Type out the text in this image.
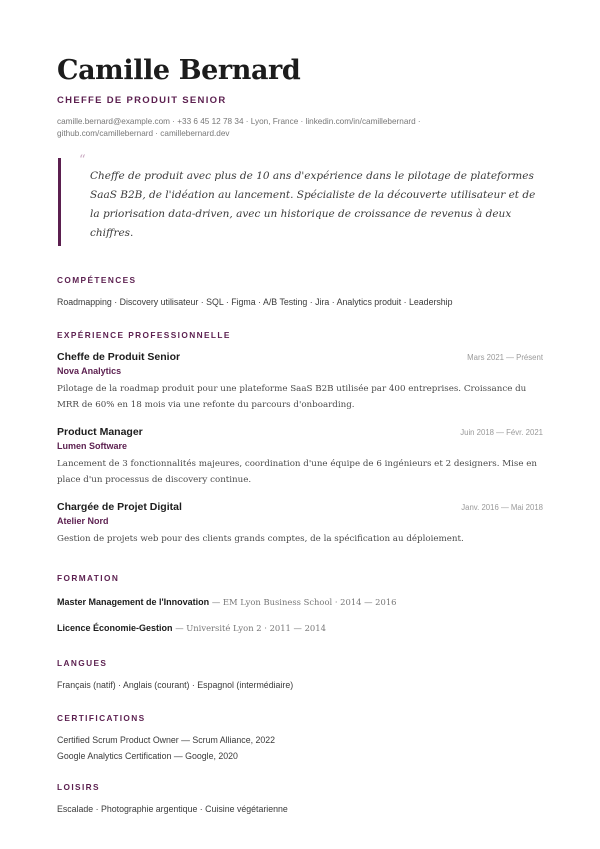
Camille Bernard
CHEFFE DE PRODUIT SENIOR
camille.bernard@example.com · +33 6 45 12 78 34 · Lyon, France · linkedin.com/in/camillebernard · github.com/camillebernard · camillebernard.dev
“
Cheffe de produit avec plus de 10 ans d'expérience dans le pilotage de plateformes SaaS B2B, de l'idéation au lancement. Spécialiste de la découverte utilisateur et de la priorisation data-driven, avec un historique de croissance de revenus à deux chiffres.
COMPÉTENCES
Roadmapping · Discovery utilisateur · SQL · Figma · A/B Testing · Jira · Analytics produit · Leadership
EXPÉRIENCE PROFESSIONNELLE
Cheffe de Produit Senior	Mars 2021 — Présent
Nova Analytics
Pilotage de la roadmap produit pour une plateforme SaaS B2B utilisée par 400 entreprises. Croissance du MRR de 60% en 18 mois via une refonte du parcours d'onboarding.
Product Manager	Juin 2018 — Févr. 2021
Lumen Software
Lancement de 3 fonctionnalités majeures, coordination d'une équipe de 6 ingénieurs et 2 designers. Mise en place d'un processus de discovery continue.
Chargée de Projet Digital	Janv. 2016 — Mai 2018
Atelier Nord
Gestion de projets web pour des clients grands comptes, de la spécification au déploiement.
FORMATION
Master Management de l'Innovation — EM Lyon Business School · 2014 — 2016
Licence Économie-Gestion — Université Lyon 2 · 2011 — 2014
LANGUES
Français (natif) · Anglais (courant) · Espagnol (intermédiaire)
CERTIFICATIONS
Certified Scrum Product Owner — Scrum Alliance, 2022
Google Analytics Certification — Google, 2020
LOISIRS
Escalade · Photographie argentique · Cuisine végétarienne
